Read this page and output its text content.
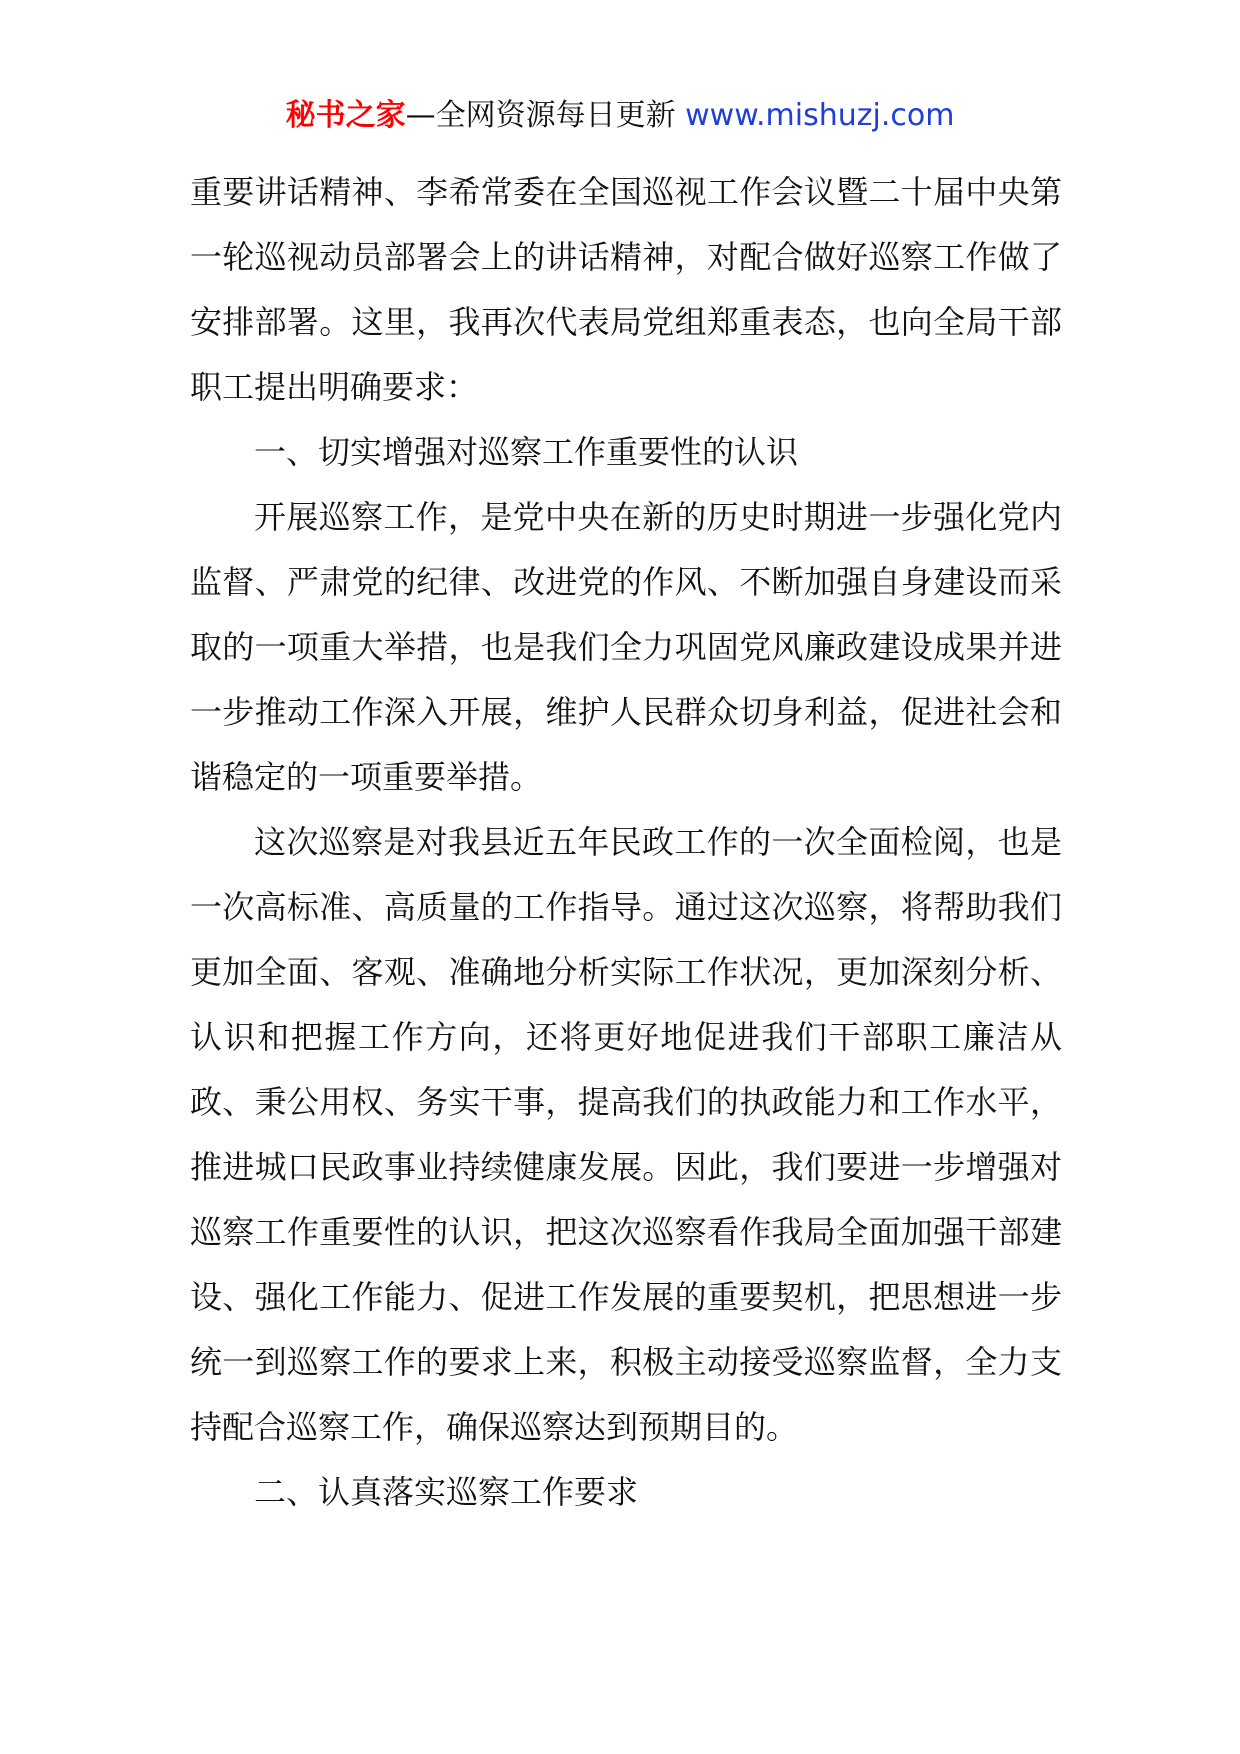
秘书之家—全网资源每日更新 www.mishuzj.com

重要讲话精神、李希常委在全国巡视工作会议暨二十届中央第一轮巡视动员部署会上的讲话精神，对配合做好巡察工作做了安排部署。这里，我再次代表局党组郑重表态，也向全局干部职工提出明确要求：

一、切实增强对巡察工作重要性的认识

开展巡察工作，是党中央在新的历史时期进一步强化党内监督、严肃党的纪律、改进党的作风、不断加强自身建设而采取的一项重大举措，也是我们全力巩固党风廉政建设成果并进一步推动工作深入开展，维护人民群众切身利益，促进社会和谐稳定的一项重要举措。

这次巡察是对我县近五年民政工作的一次全面检阅，也是一次高标准、高质量的工作指导。通过这次巡察，将帮助我们更加全面、客观、准确地分析实际工作状况，更加深刻分析、认识和把握工作方向，还将更好地促进我们干部职工廉洁从政、秉公用权、务实干事，提高我们的执政能力和工作水平，推进城口民政事业持续健康发展。因此，我们要进一步增强对巡察工作重要性的认识，把这次巡察看作我局全面加强干部建设、强化工作能力、促进工作发展的重要契机，把思想进一步统一到巡察工作的要求上来，积极主动接受巡察监督，全力支持配合巡察工作，确保巡察达到预期目的。

二、认真落实巡察工作要求
